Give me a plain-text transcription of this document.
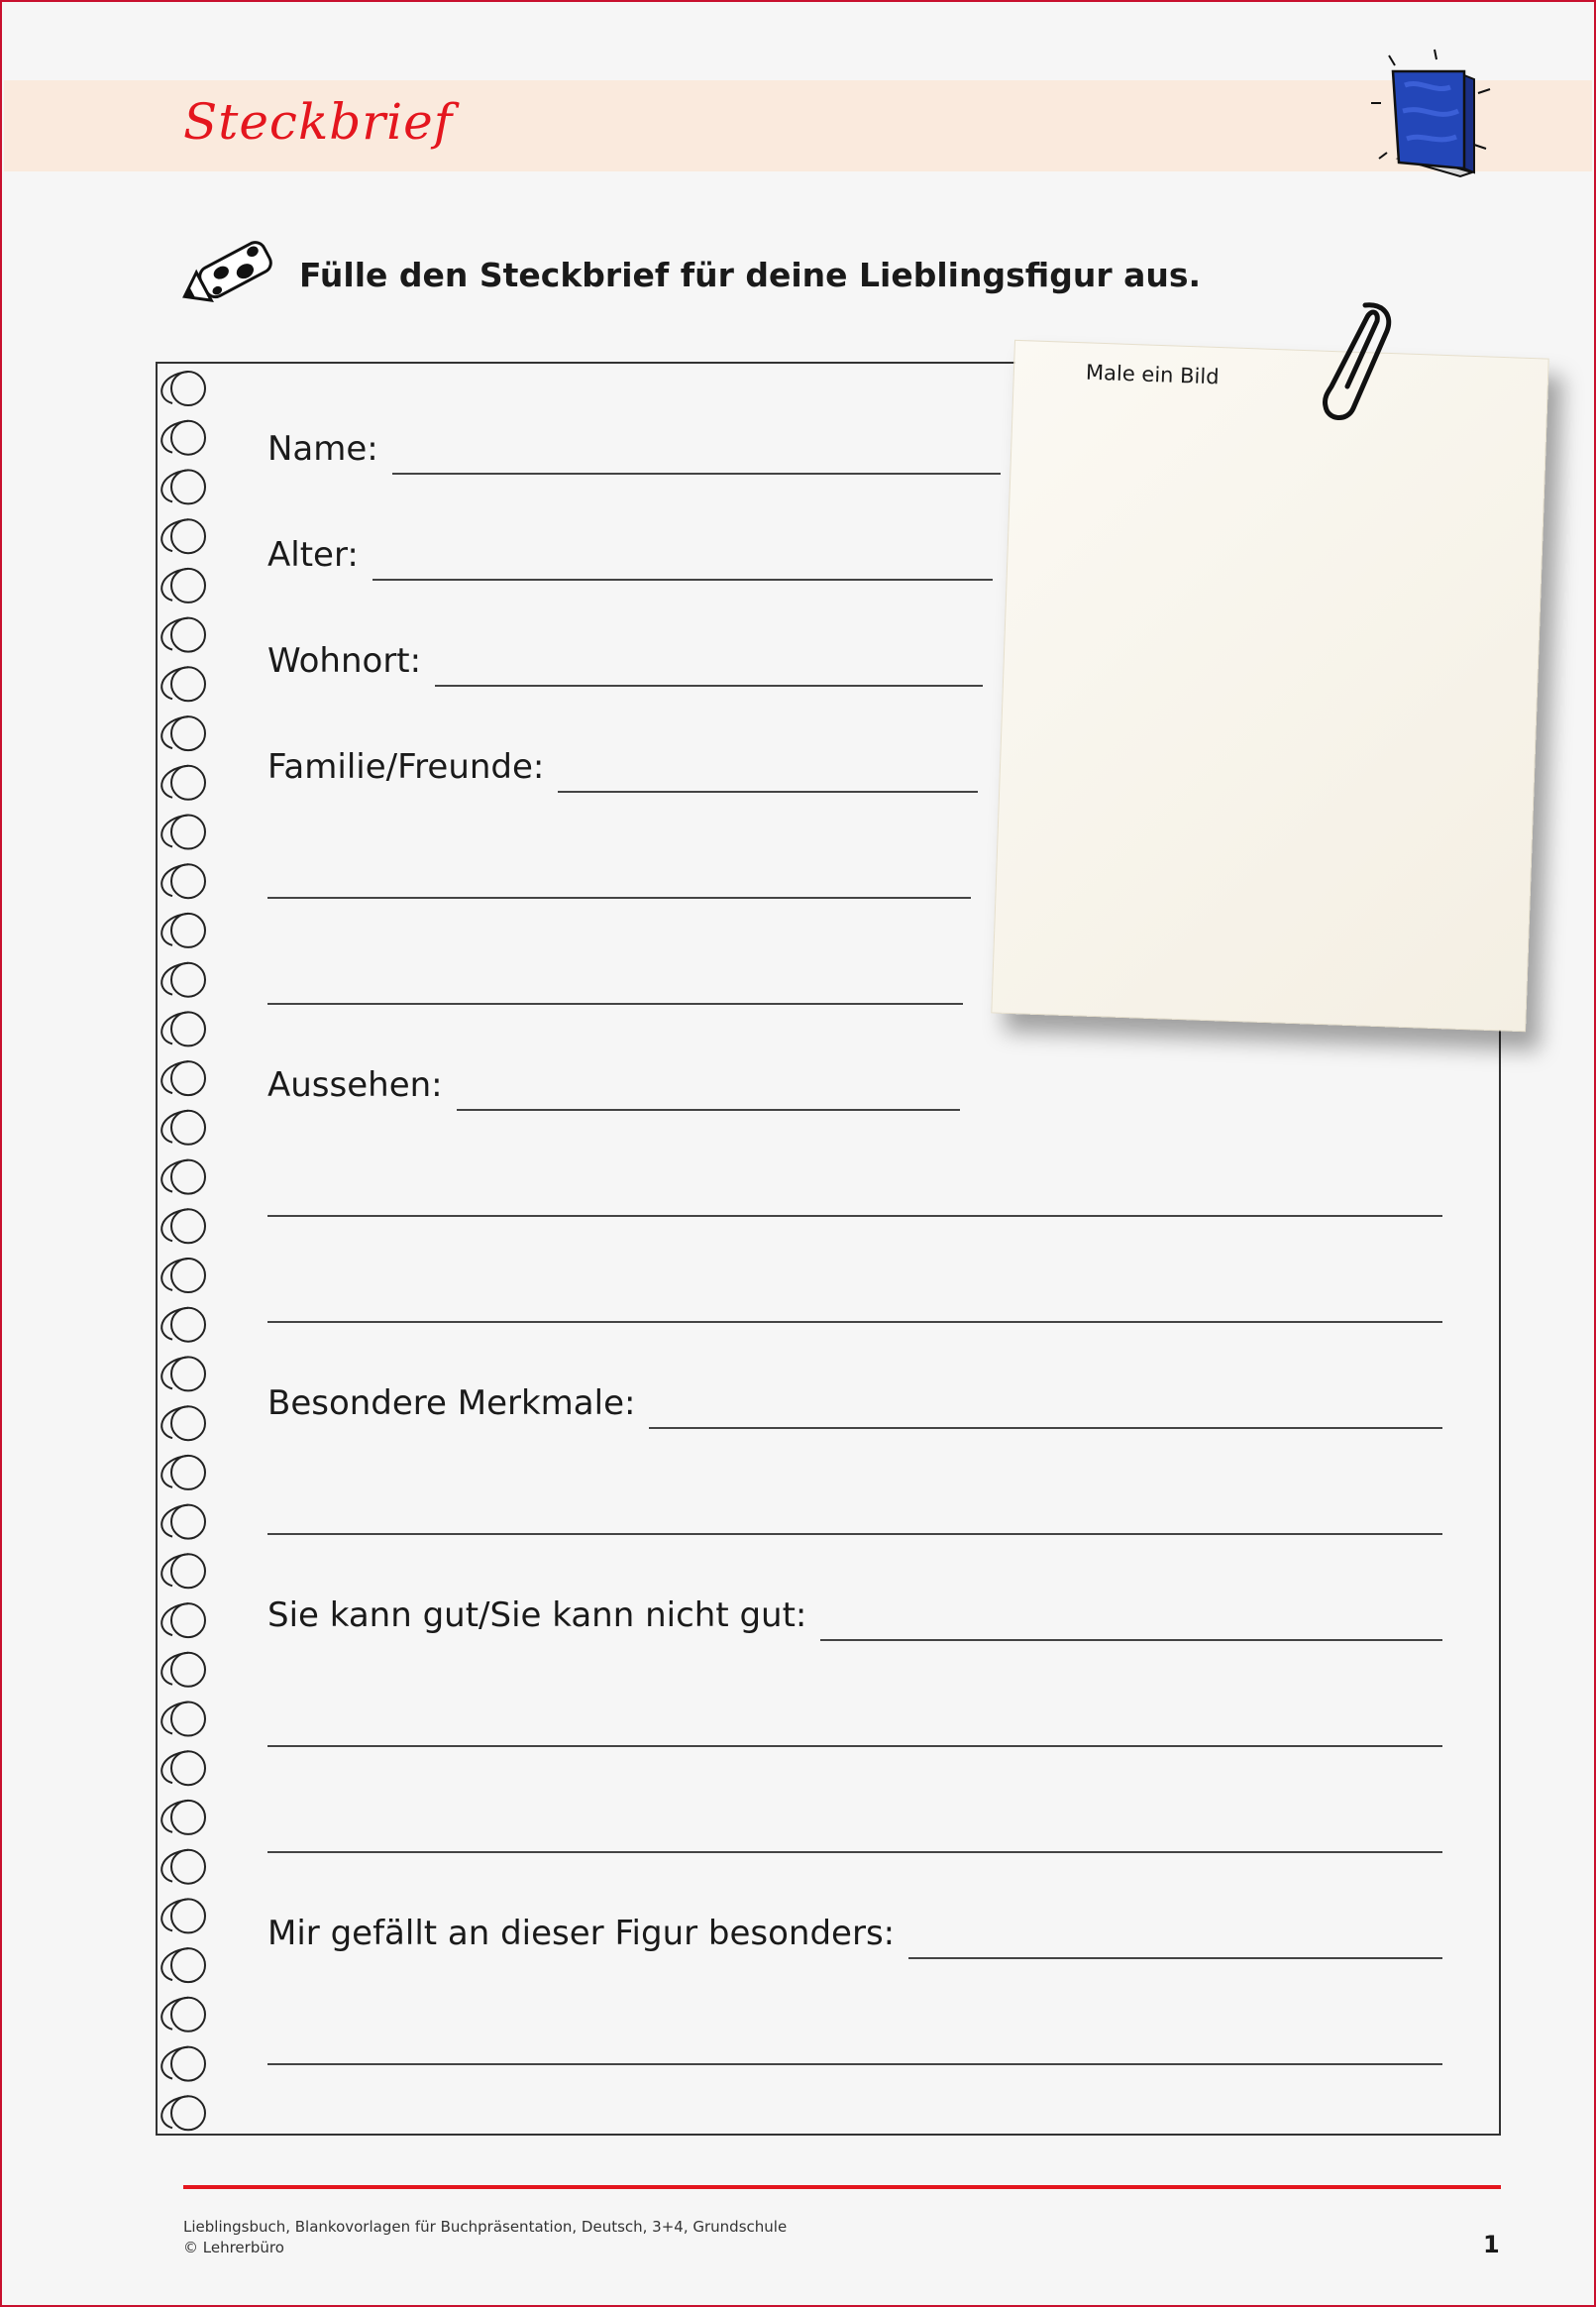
Steckbrief
Fülle den Steckbrief für deine Lieblingsfigur aus.
Name:
Alter:
Wohnort:
Familie/Freunde:
Aussehen:
Besondere Merkmale:
Sie kann gut/Sie kann nicht gut:
Mir gefällt an dieser Figur besonders:
Male ein Bild
Lieblingsbuch, Blankovorlagen für Buchpräsentation, Deutsch, 3+4, Grundschule
© Lehrerbüro	1
